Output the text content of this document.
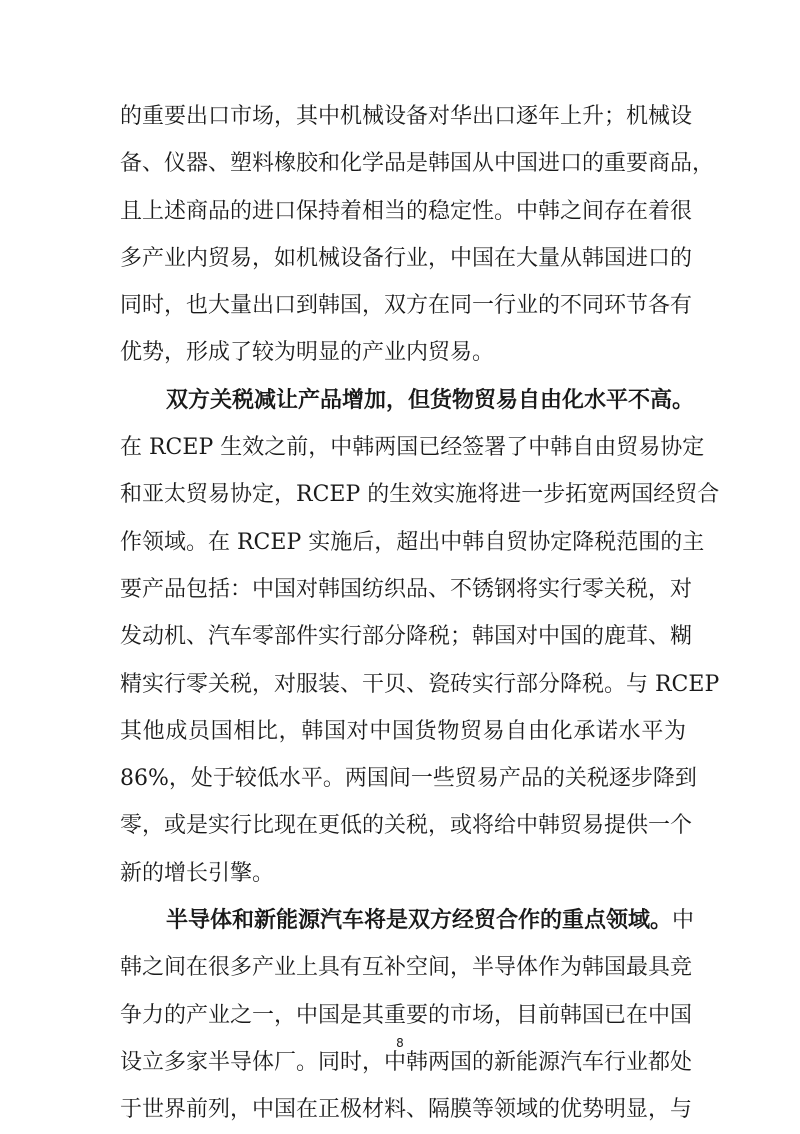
的重要出口市场，其中机械设备对华出口逐年上升；机械设
备、仪器、塑料橡胶和化学品是韩国从中国进口的重要商品，
且上述商品的进口保持着相当的稳定性。中韩之间存在着很
多产业内贸易，如机械设备行业，中国在大量从韩国进口的
同时，也大量出口到韩国，双方在同一行业的不同环节各有
优势，形成了较为明显的产业内贸易。
双方关税减让产品增加，但货物贸易自由化水平不高。
在 RCEP 生效之前，中韩两国已经签署了中韩自由贸易协定
和亚太贸易协定，RCEP 的生效实施将进一步拓宽两国经贸合
作领域。在 RCEP 实施后，超出中韩自贸协定降税范围的主
要产品包括：中国对韩国纺织品、不锈钢将实行零关税，对
发动机、汽车零部件实行部分降税；韩国对中国的鹿茸、糊
精实行零关税，对服装、干贝、瓷砖实行部分降税。与 RCEP
其他成员国相比，韩国对中国货物贸易自由化承诺水平为
86%，处于较低水平。两国间一些贸易产品的关税逐步降到
零，或是实行比现在更低的关税，或将给中韩贸易提供一个
新的增长引擎。
半导体和新能源汽车将是双方经贸合作的重点领域。中
韩之间在很多产业上具有互补空间，半导体作为韩国最具竞
争力的产业之一，中国是其重要的市场，目前韩国已在中国
设立多家半导体厂。同时，中韩两国的新能源汽车行业都处
于世界前列，中国在正极材料、隔膜等领域的优势明显，与
8
